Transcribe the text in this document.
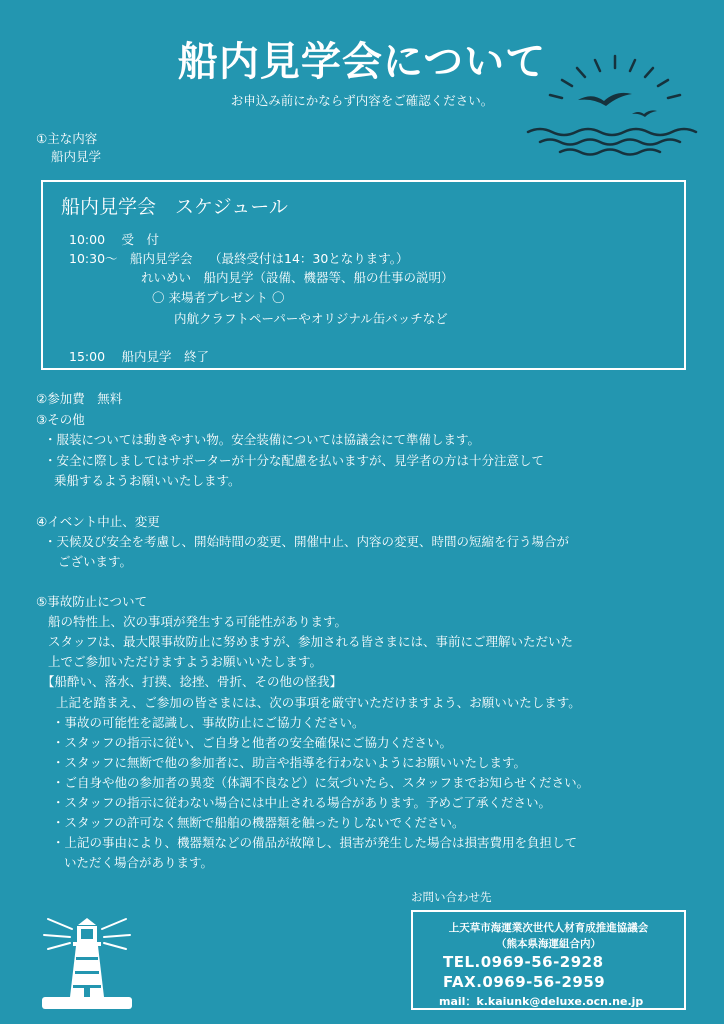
船内見学会について
お申込み前にかならず内容をご確認ください。
①主な内容
船内見学
船内見学会　スケジュール
10:00　 受　付
10:30～　船内見学会　 （最終受付は14：30となります。）
れいめい　船内見学（設備、機器等、船の仕事の説明）
〇 来場者プレゼント 〇
内航クラフトペーパーやオリジナル缶バッチなど
15:00　 船内見学　終了
②参加費　無料
③その他
・服装については動きやすい物。安全装備については協議会にて準備します。
・安全に際しましてはサポーターが十分な配慮を払いますが、見学者の方は十分注意して
乗船するようお願いいたします。
④イベント中止、変更
・天候及び安全を考慮し、開始時間の変更、開催中止、内容の変更、時間の短縮を行う場合が
ございます。
⑤事故防止について
船の特性上、次の事項が発生する可能性があります。
スタッフは、最大限事故防止に努めますが、参加される皆さまには、事前にご理解いただいた
上でご参加いただけますようお願いいたします。
【船酔い、落水、打撲、捻挫、骨折、その他の怪我】
上記を踏まえ、ご参加の皆さまには、次の事項を厳守いただけますよう、お願いいたします。
・事故の可能性を認識し、事故防止にご協力ください。
・スタッフの指示に従い、ご自身と他者の安全確保にご協力ください。
・スタッフに無断で他の参加者に、助言や指導を行わないようにお願いいたします。
・ご自身や他の参加者の異変（体調不良など）に気づいたら、スタッフまでお知らせください。
・スタッフの指示に従わない場合には中止される場合があります。予めご了承ください。
・スタッフの許可なく無断で船舶の機器類を触ったりしないでください。
・上記の事由により、機器類などの備品が故障し、損害が発生した場合は損害費用を負担して
いただく場合があります。
お問い合わせ先
上天草市海運業次世代人材育成推進協議会
（熊本県海運組合内）
TEL.0969-56-2928
FAX.0969-56-2959
mail：k.kaiunk@deluxe.ocn.ne.jp
